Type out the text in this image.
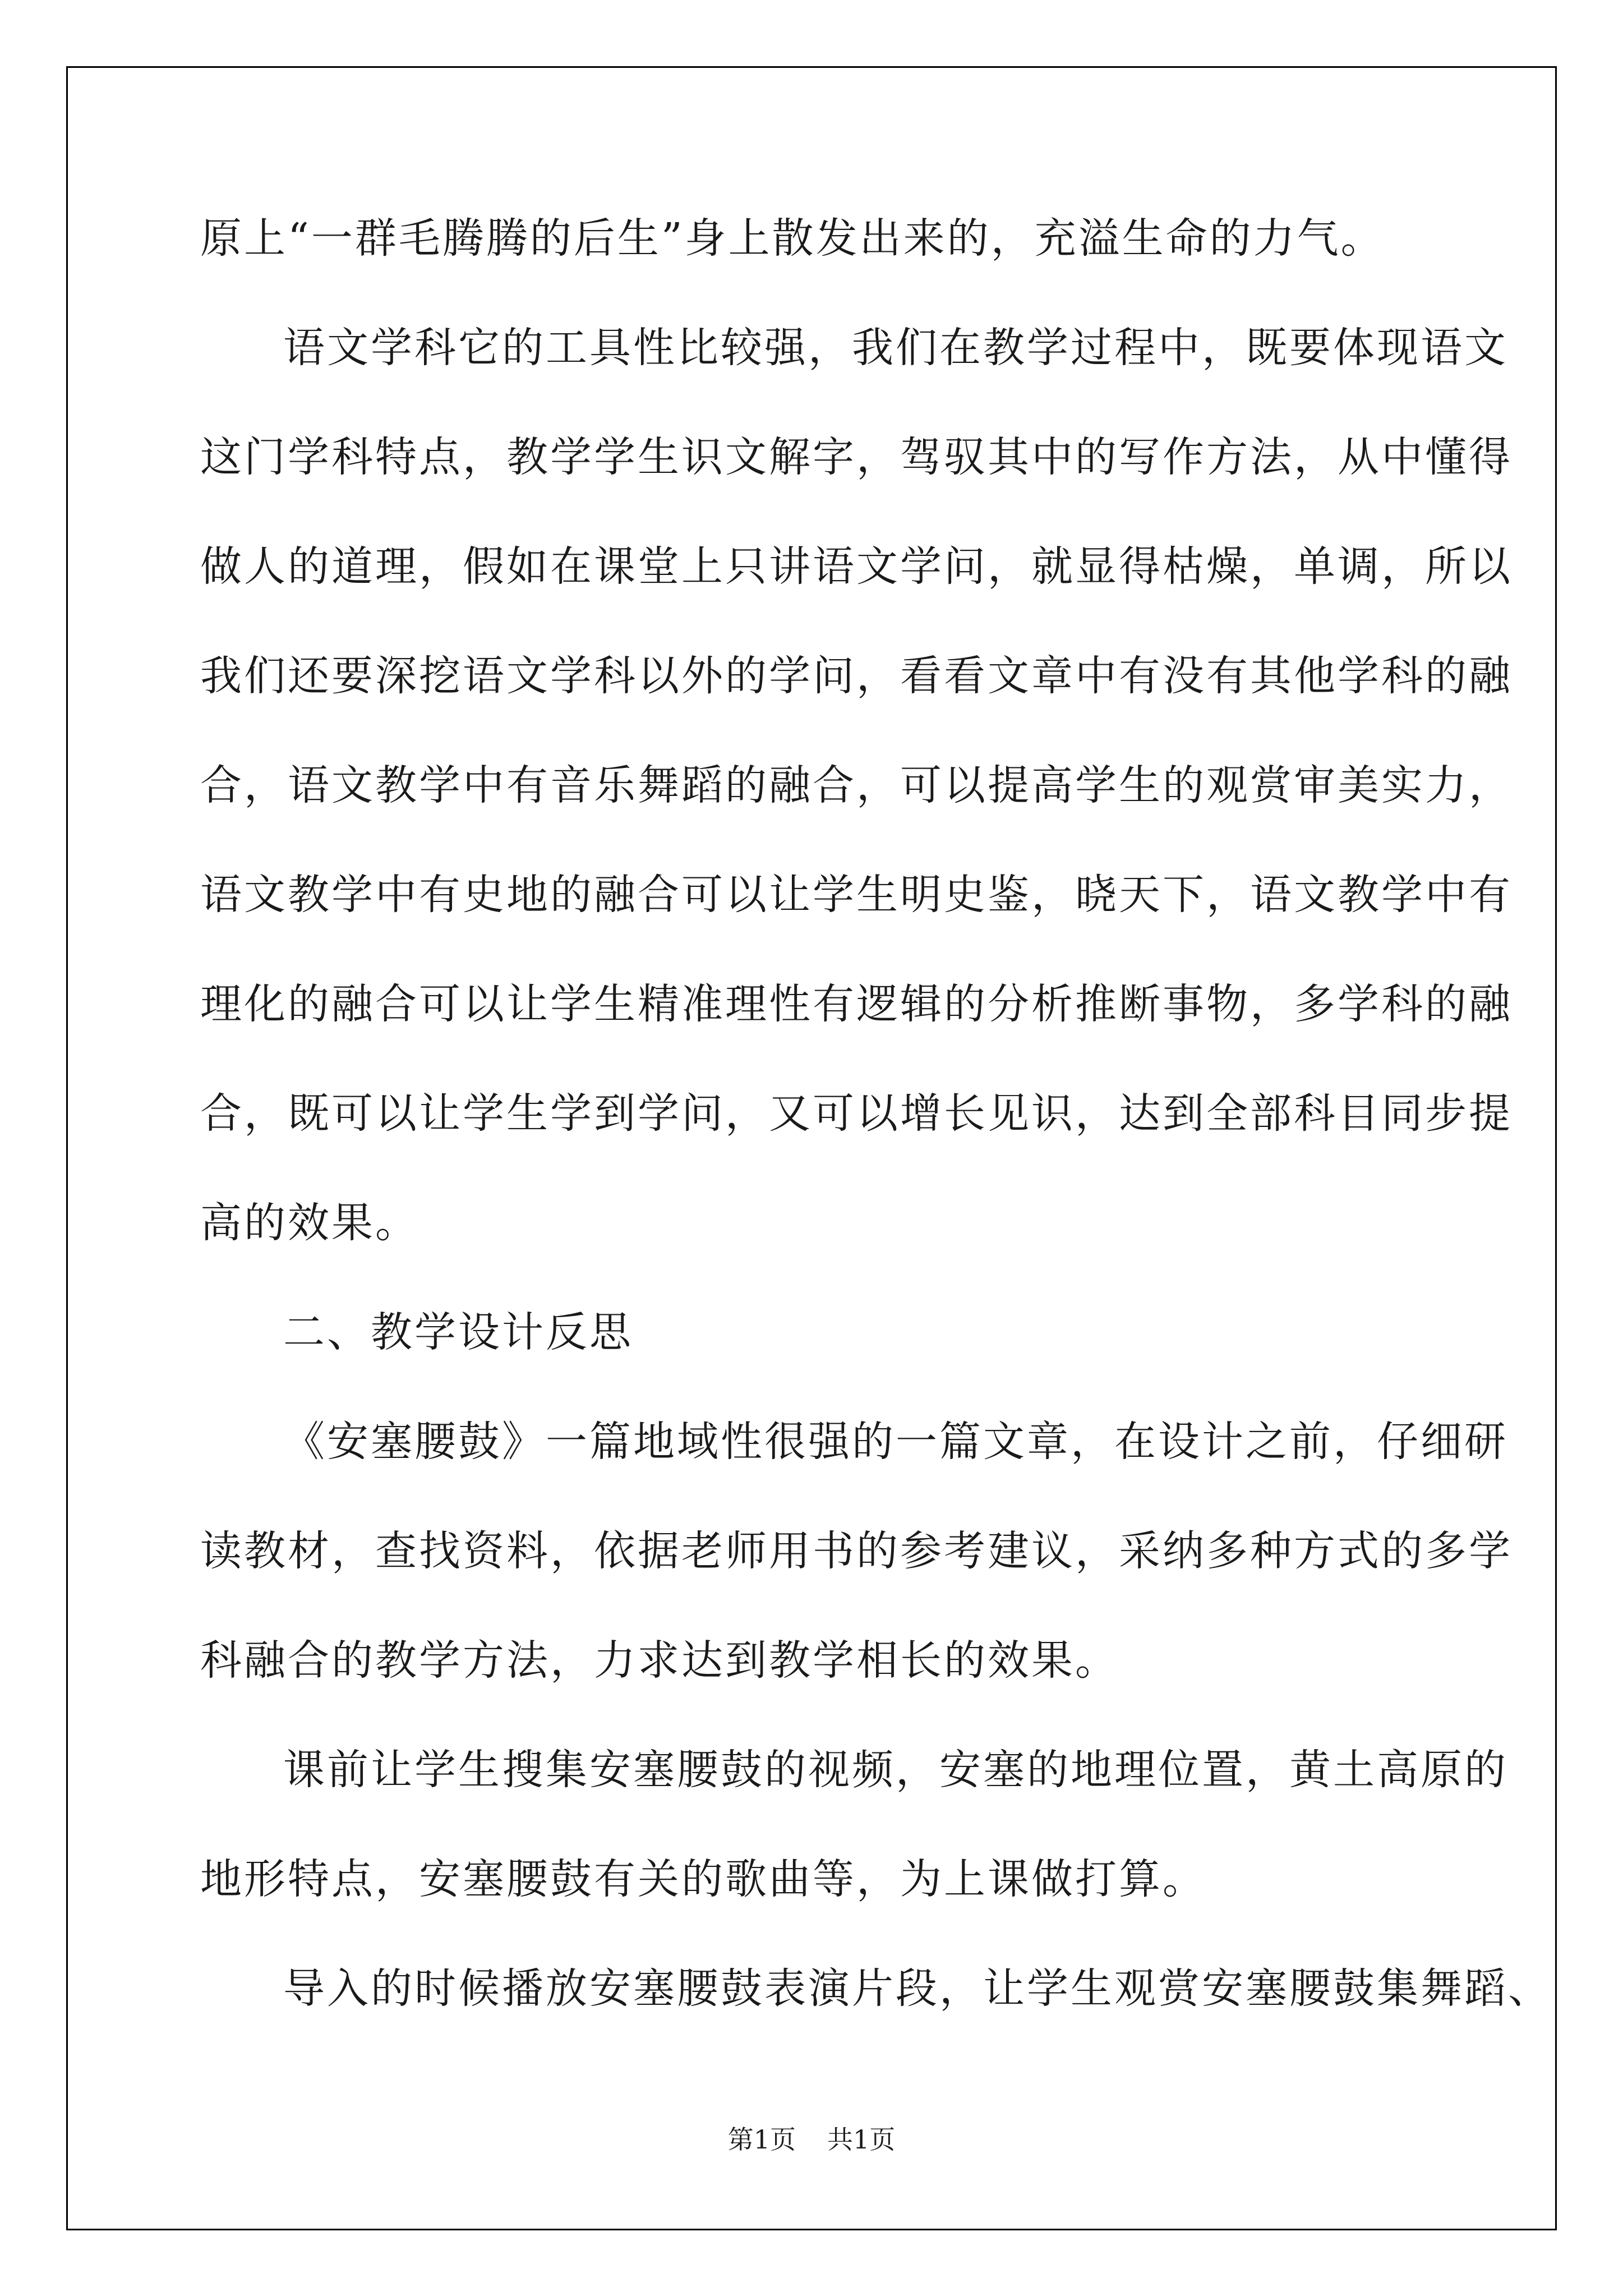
原上“一群毛腾腾的后生”身上散发出来的，充溢生命的力气。
语文学科它的工具性比较强，我们在教学过程中，既要体现语文
这门学科特点，教学学生识文解字，驾驭其中的写作方法，从中懂得
做人的道理，假如在课堂上只讲语文学问，就显得枯燥，单调，所以
我们还要深挖语文学科以外的学问，看看文章中有没有其他学科的融
合，语文教学中有音乐舞蹈的融合，可以提高学生的观赏审美实力，
语文教学中有史地的融合可以让学生明史鉴，晓天下，语文教学中有
理化的融合可以让学生精准理性有逻辑的分析推断事物，多学科的融
合，既可以让学生学到学问，又可以增长见识，达到全部科目同步提
高的效果。
二、教学设计反思
《安塞腰鼓》一篇地域性很强的一篇文章，在设计之前，仔细研
读教材，查找资料，依据老师用书的参考建议，采纳多种方式的多学
科融合的教学方法，力求达到教学相长的效果。
课前让学生搜集安塞腰鼓的视频，安塞的地理位置，黄土高原的
地形特点，安塞腰鼓有关的歌曲等，为上课做打算。
导入的时候播放安塞腰鼓表演片段，让学生观赏安塞腰鼓集舞蹈、
第1页 共1页
